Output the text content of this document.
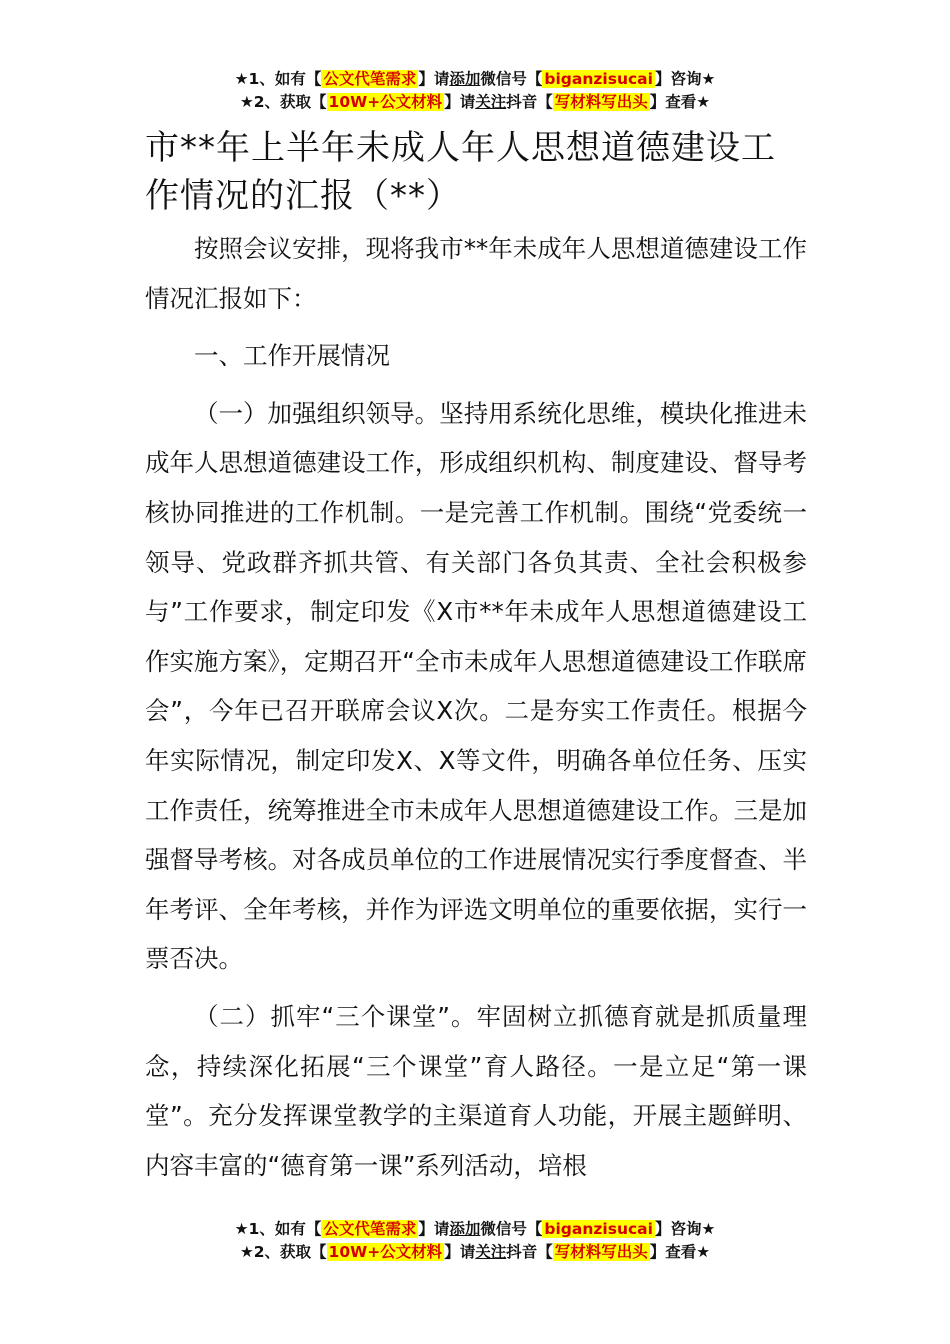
★1、如有【 公文代笔需求 】请添加微信号【 biganzisucai 】咨询★
★2、获取【 10W+公文材料 】请关注抖音【 写材料写出头 】查看★
市**年上半年未成人年人思想道德建设工作情况的汇报（**）

按照会议安排，现将我市**年未成年人思想道德建设工作情况汇报如下：

一、工作开展情况

（一）加强组织领导。坚持用系统化思维，模块化推进未成年人思想道德建设工作，形成组织机构、制度建设、督导考核协同推进的工作机制。一是完善工作机制。围绕“党委统一领导、党政群齐抓共管、有关部门各负其责、全社会积极参与”工作要求，制定印发《X市**年未成年人思想道德建设工作实施方案》，定期召开“全市未成年人思想道德建设工作联席会”，今年已召开联席会议X次。二是夯实工作责任。根据今年实际情况，制定印发X、X等文件，明确各单位任务、压实工作责任，统筹推进全市未成年人思想道德建设工作。三是加强督导考核。对各成员单位的工作进展情况实行季度督查、半年考评、全年考核，并作为评选文明单位的重要依据，实行一票否决。

（二）抓牢“三个课堂”。牢固树立抓德育就是抓质量理念，持续深化拓展“三个课堂”育人路径。一是立足“第一课堂”。充分发挥课堂教学的主渠道育人功能，开展主题鲜明、内容丰富的“德育第一课”系列活动，培根

★1、如有【 公文代笔需求 】请添加微信号【 biganzisucai 】咨询★
★2、获取【 10W+公文材料 】请关注抖音【 写材料写出头 】查看★
